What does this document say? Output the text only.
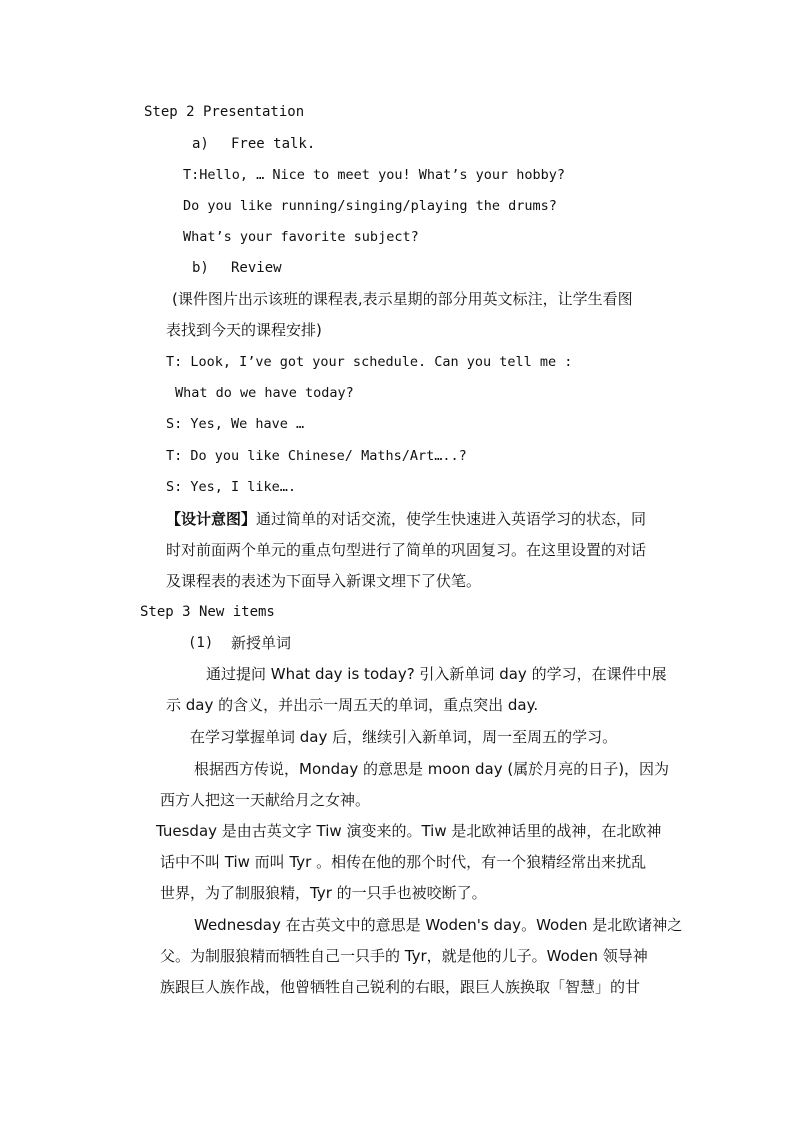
Step 2 Presentation
a) Free talk.
T:Hello, … Nice to meet you! What’s your hobby?
Do you like running/singing/playing the drums?
What’s your favorite subject?
b) Review
(课件图片出示该班的课程表,表示星期的部分用英文标注，让学生看图
表找到今天的课程安排)
T: Look, I’ve got your schedule. Can you tell me :
What do we have today?
S: Yes, We have …
T: Do you like Chinese/ Maths/Art…..?
S: Yes, I like….
【设计意图】通过简单的对话交流，使学生快速进入英语学习的状态，同
时对前面两个单元的重点句型进行了简单的巩固复习。在这里设置的对话
及课程表的表述为下面导入新课文埋下了伏笔。
Step 3 New items
(1) 新授单词
通过提问 What day is today? 引入新单词 day 的学习，在课件中展
示 day 的含义，并出示一周五天的单词，重点突出 day.
在学习掌握单词 day 后，继续引入新单词，周一至周五的学习。
根据西方传说，Monday 的意思是 moon day (属於月亮的日子)，因为
西方人把这一天献给月之女神。
Tuesday 是由古英文字 Tiw 演变来的。Tiw 是北欧神话里的战神，在北欧神
话中不叫 Tiw 而叫 Tyr 。相传在他的那个时代，有一个狼精经常出来扰乱
世界，为了制服狼精，Tyr 的一只手也被咬断了。
Wednesday 在古英文中的意思是 Woden's day。Woden 是北欧诸神之
父。为制服狼精而牺牲自己一只手的 Tyr，就是他的儿子。Woden 领导神
族跟巨人族作战，他曾牺牲自己锐利的右眼，跟巨人族换取「智慧」的甘
